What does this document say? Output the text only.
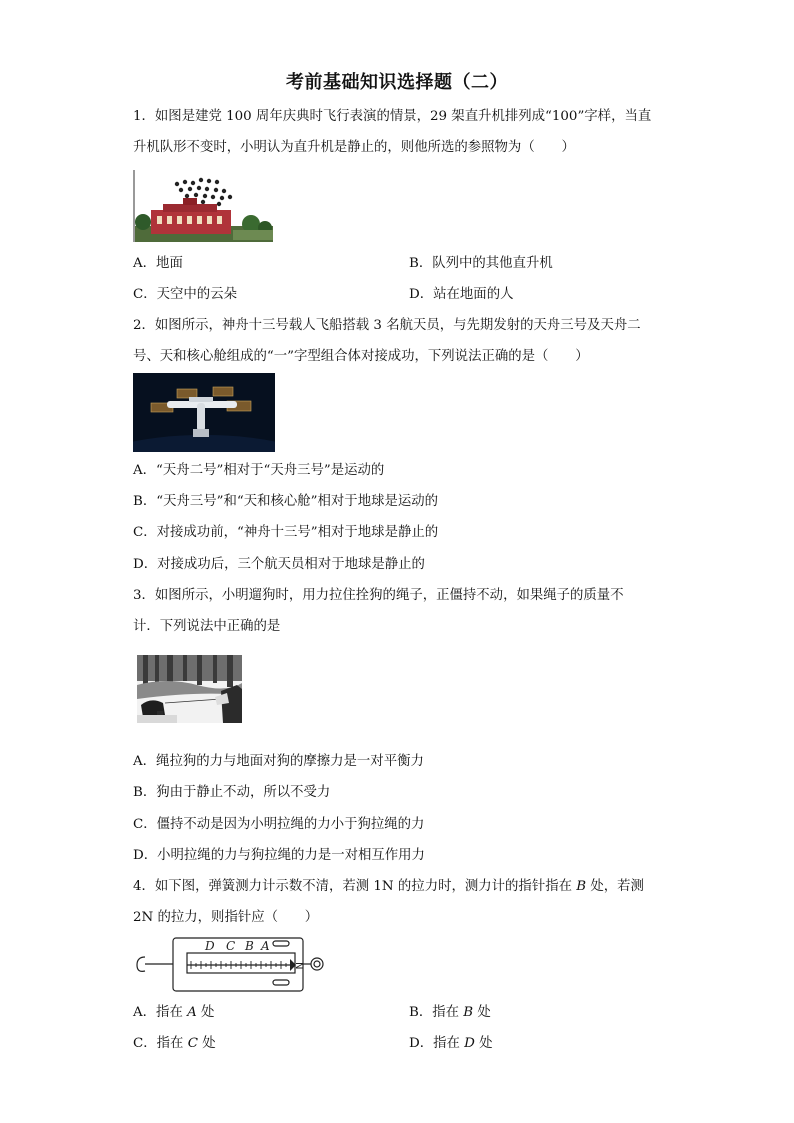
考前基础知识选择题（二）
1．如图是建党 100 周年庆典时飞行表演的情景，29 架直升机排列成“100”字样，当直
升机队形不变时，小明认为直升机是静止的，则他所选的参照物为（　　）
A．地面	B．队列中的其他直升机
C．天空中的云朵	D．站在地面的人
2．如图所示，神舟十三号载人飞船搭载 3 名航天员，与先期发射的天舟三号及天舟二
号、天和核心舱组成的“一”字型组合体对接成功，下列说法正确的是（　　）
A．“天舟二号”相对于“天舟三号”是运动的
B．“天舟三号”和“天和核心舱”相对于地球是运动的
C．对接成功前，“神舟十三号”相对于地球是静止的
D．对接成功后，三个航天员相对于地球是静止的
3．如图所示，小明遛狗时，用力拉住拴狗的绳子，正僵持不动，如果绳子的质量不
计．下列说法中正确的是
A．绳拉狗的力与地面对狗的摩擦力是一对平衡力
B．狗由于静止不动，所以不受力
C．僵持不动是因为小明拉绳的力小于狗拉绳的力
D．小明拉绳的力与狗拉绳的力是一对相互作用力
4．如下图，弹簧测力计示数不清，若测 1N 的拉力时，测力计的指针指在 B 处，若测
2N 的拉力，则指针应（　　）
D C B A
N
A．指在 A 处	B．指在 B 处
C．指在 C 处	D．指在 D 处
